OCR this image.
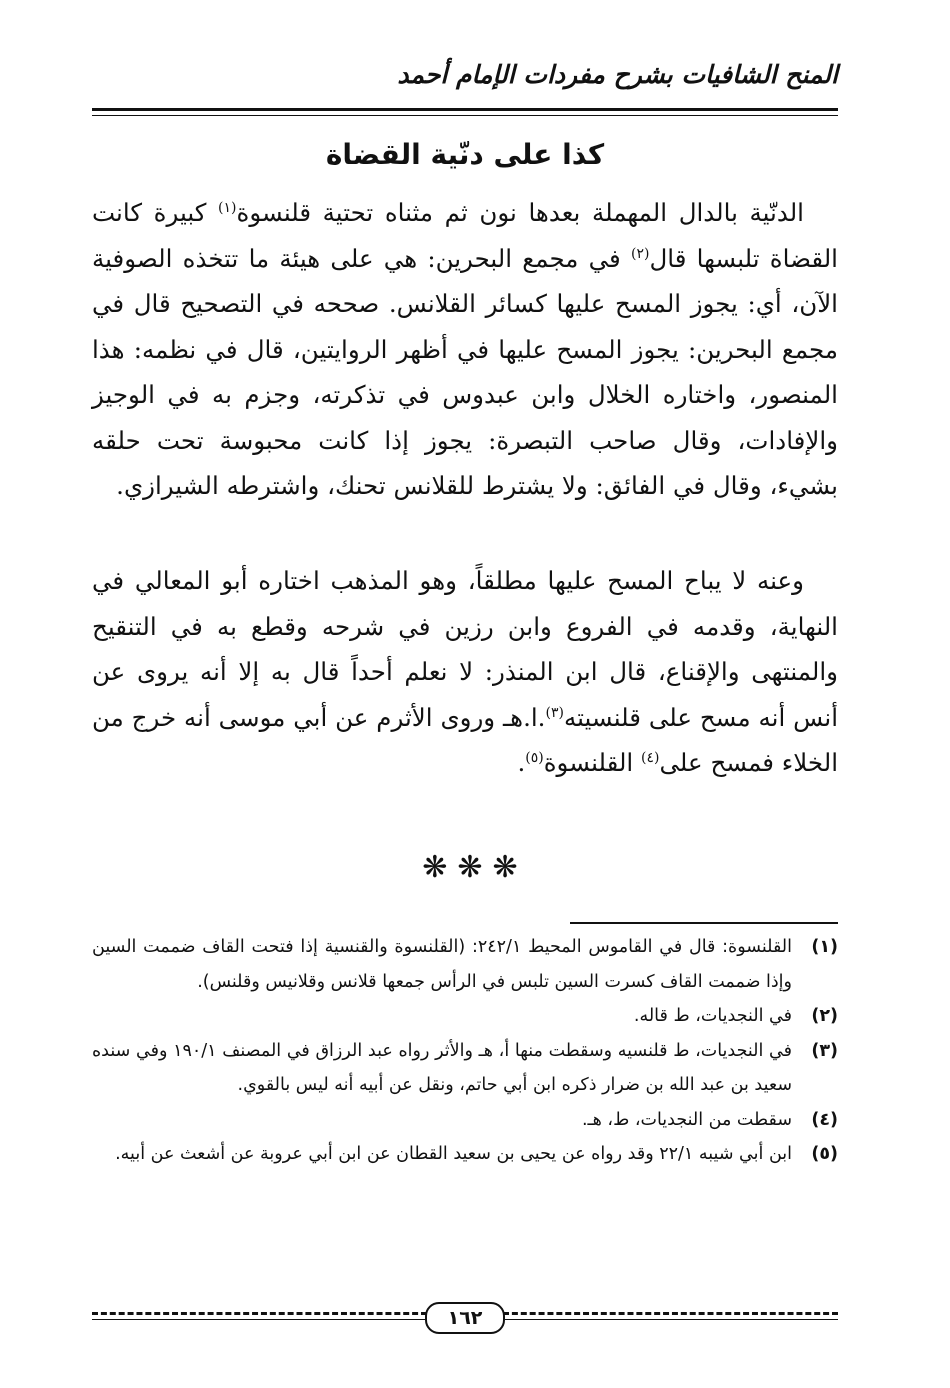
المنح الشافيات بشرح مفردات الإمام أحمد
كذا على دنّية القضاة

الدنّية بالدال المهملة بعدها نون ثم مثناه تحتية قلنسوة$^{(١)}$ كبيرة كانت القضاة تلبسها قال$^{(٢)}$ في مجمع البحرين: هي على هيئة ما تتخذه الصوفية الآن، أي: يجوز المسح عليها كسائر القلانس. صححه في التصحيح قال في مجمع البحرين: يجوز المسح عليها في أظهر الروايتين، قال في نظمه: هذا المنصور، واختاره الخلال وابن عبدوس في تذكرته، وجزم به في الوجيز والإفادات، وقال صاحب التبصرة: يجوز إذا كانت محبوسة تحت حلقه بشيء، وقال في الفائق: ولا يشترط للقلانس تحنك، واشترطه الشيرازي.

وعنه لا يباح المسح عليها مطلقاً، وهو المذهب اختاره أبو المعالي في النهاية، وقدمه في الفروع وابن رزين في شرحه وقطع به في التنقيح والمنتهى والإقناع، قال ابن المنذر: لا نعلم أحداً قال به إلا أنه يروى عن أنس أنه مسح على قلنسيته$^{(٣)}$.ا.هـ وروى الأثرم عن أبي موسى أنه خرج من الخلاء فمسح على$^{(٤)}$ القلنسوة$^{(٥)}$.

❋❋❋
(١)
القلنسوة: قال في القاموس المحيط ٢٤٢/١: (القلنسوة والقنسية إذا فتحت القاف ضممت السين وإذا ضممت القاف كسرت السين تلبس في الرأس جمعها قلانس وقلانيس وقلنس).
(٢)
في النجديات، ط قاله.
(٣)
في النجديات، ط قلنسيه وسقطت منها أ، هـ والأثر رواه عبد الرزاق في المصنف ١٩٠/١ وفي سنده سعيد بن عبد الله بن ضرار ذكره ابن أبي حاتم، ونقل عن أبيه أنه ليس بالقوي.
(٤)
سقطت من النجديات، ط، هـ.
(٥)
ابن أبي شيبه ٢٢/١ وقد رواه عن يحيى بن سعيد القطان عن ابن أبي عروبة عن أشعث عن أبيه.
١٦٢
